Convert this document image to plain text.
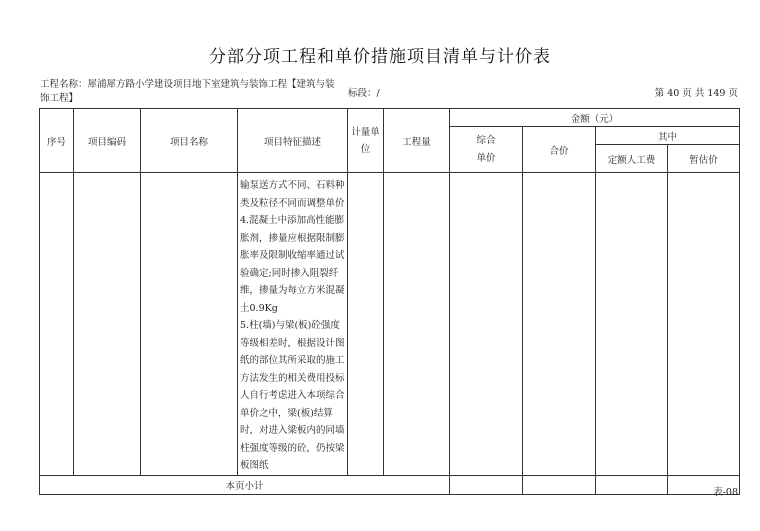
分部分项工程和单价措施项目清单与计价表
工程名称：犀浦犀方路小学建设项目地下室建筑与装饰工程【建筑与装饰工程】	标段：/	第 40 页 共 149 页
序号	项目编码	项目名称	项目特征描述	计量单位	工程量	金额（元）			
						综合单价	合价	其中	
								定额人工费	暂估价
			输泵送方式不同、石料种类及粒径不同而调整单价4.混凝土中添加高性能膨胀剂，掺量应根据限制膨胀率及限制收缩率通过试验确定;同时掺入阻裂纤维，掺量为每立方米混凝土0.9Kg
5.柱(墙)与梁(板)砼强度等级相差时，根据设计图纸的部位其所采取的施工方法发生的相关费用投标人自行考虑进入本项综合单价之中，梁(板)结算时，对进入梁板内的同墙柱强度等级的砼，仍按梁板图纸						
本页小计									
表-08
